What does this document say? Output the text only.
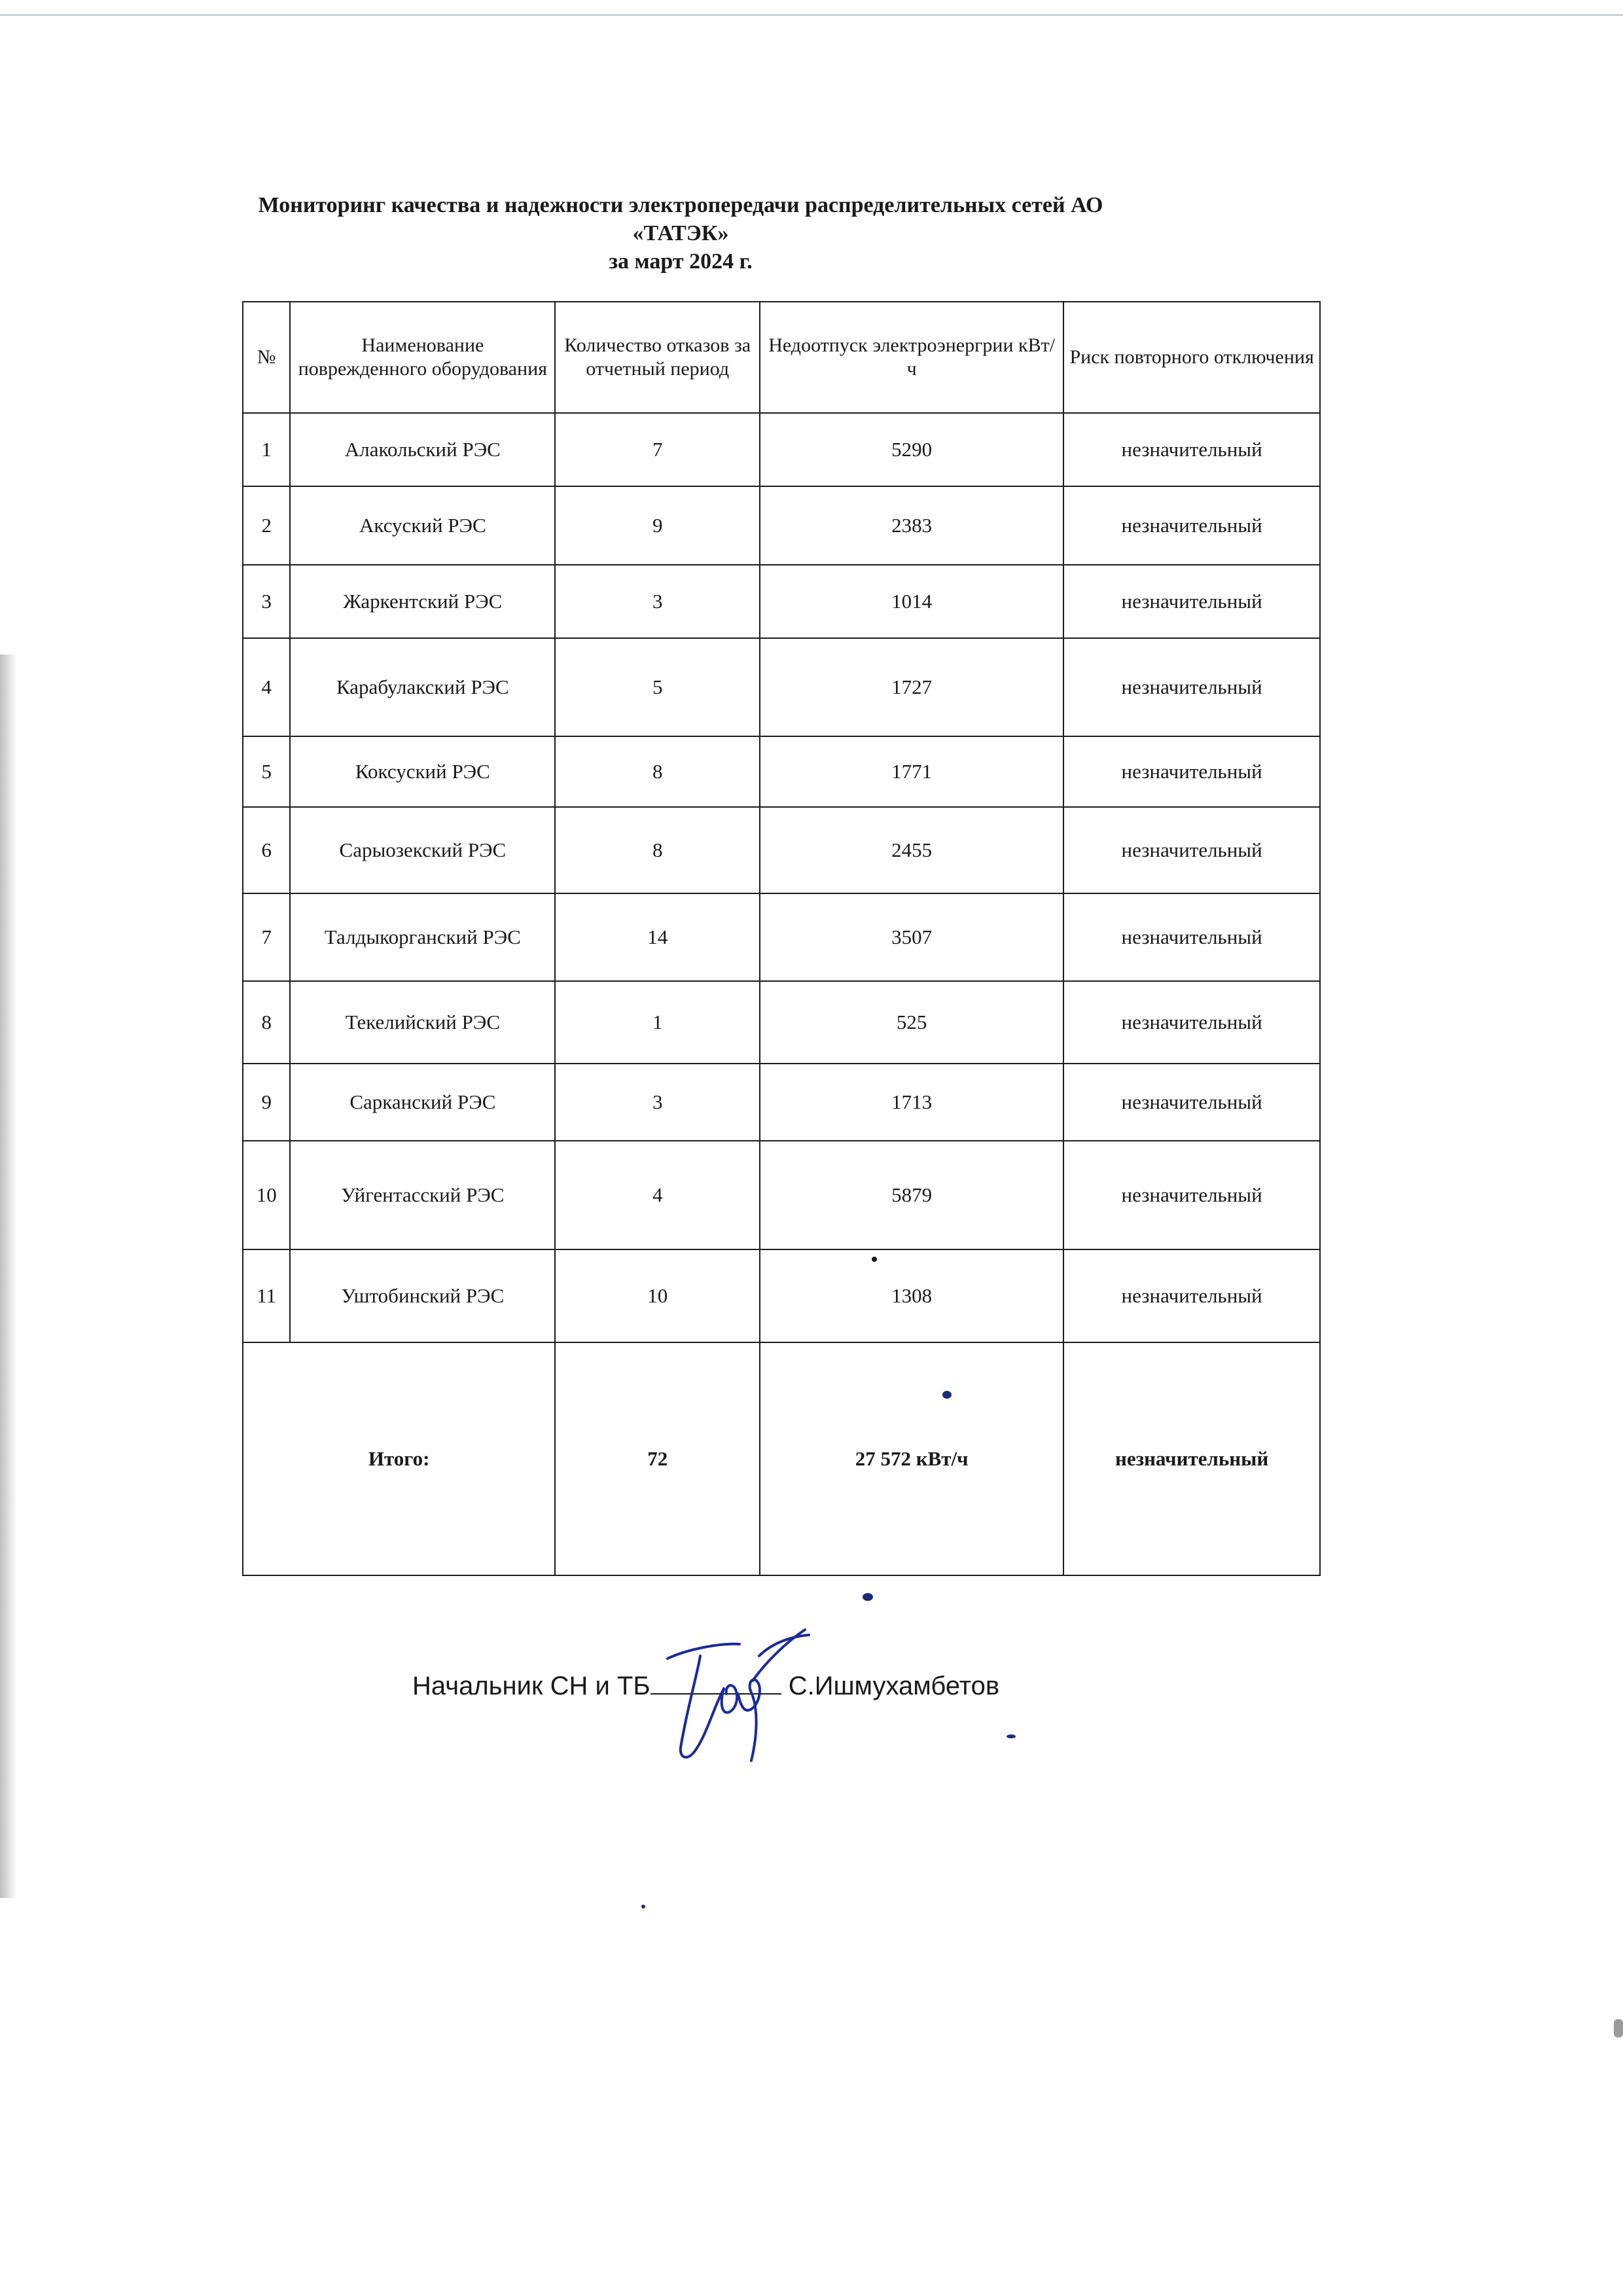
Мониторинг качества и надежности электропередачи распределительных сетей АО
«ТАТЭК»
за март 2024 г.
№	Наименование поврежденного оборудования	Количество отказов за отчетный период	Недоотпуск электроэнергрии кВт/ч	Риск повторного отключения
1	Алакольский РЭС	7	5290	незначительный
2	Аксуский РЭС	9	2383	незначительный
3	Жаркентский РЭС	3	1014	незначительный
4	Карабулакский РЭС	5	1727	незначительный
5	Коксуский РЭС	8	1771	незначительный
6	Сарыозекский РЭС	8	2455	незначительный
7	Талдыкорганский РЭС	14	3507	незначительный
8	Текелийский РЭС	1	525	незначительный
9	Сарканский РЭС	3	1713	незначительный
10	Уйгентасский РЭС	4	5879	незначительный
11	Уштобинский РЭС	10	1308	незначительный
Итого:		72	27 572 кВт/ч	незначительный
Начальник СН и ТБ	С.Ишмухамбетов
